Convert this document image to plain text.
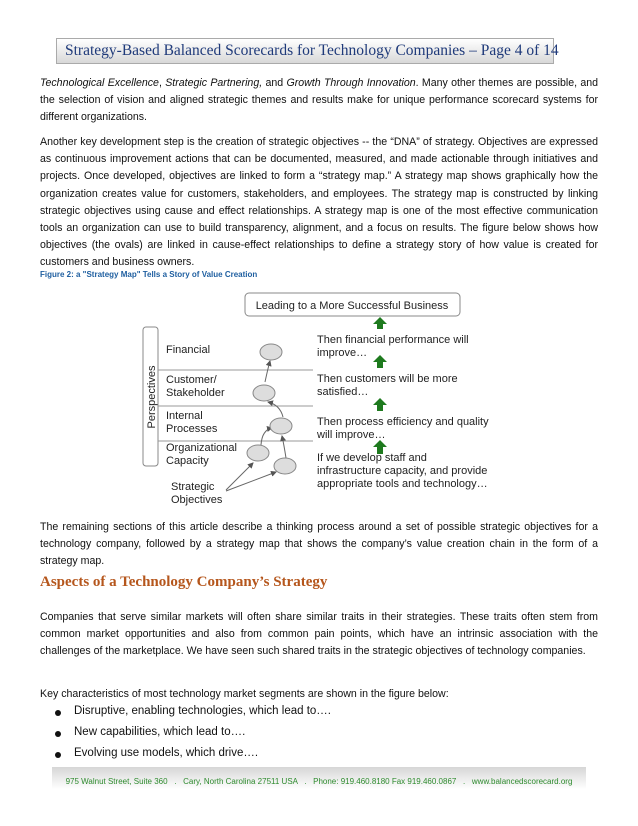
Strategy-Based Balanced Scorecards for Technology Companies – Page 4 of 14
Technological Excellence, Strategic Partnering, and Growth Through Innovation. Many other themes are possible, and the selection of vision and aligned strategic themes and results make for unique performance scorecard systems for different organizations.
Another key development step is the creation of strategic objectives -- the “DNA” of strategy. Objectives are expressed as continuous improvement actions that can be documented, measured, and made actionable through initiatives and projects. Once developed, objectives are linked to form a “strategy map.” A strategy map shows graphically how the organization creates value for customers, stakeholders, and employees. The strategy map is constructed by linking strategic objectives using cause and effect relationships. A strategy map is one of the most effective communication tools an organization can use to build transparency, alignment, and a focus on results. The figure below shows how objectives (the ovals) are linked in cause-effect relationships to define a strategy story of how value is created for customers and business owners.
Figure 2: a "Strategy Map" Tells a Story of Value Creation
Leading to a More Successful Business
Perspectives
Financial
Customer/
Stakeholder
Internal
Processes
Organizational
Capacity
Strategic
Objectives
Then financial performance will
improve…
Then customers will be more
satisfied…
Then process efficiency and quality
will improve…
If we develop staff and
infrastructure capacity, and provide
appropriate tools and technology…
The remaining sections of this article describe a thinking process around a set of possible strategic objectives for a technology company, followed by a strategy map that shows the company’s value creation chain in the form of a strategy map.
Aspects of a Technology Company’s Strategy
Companies that serve similar markets will often share similar traits in their strategies. These traits often stem from common market opportunities and also from common pain points, which have an intrinsic association with the challenges of the marketplace. We have seen such shared traits in the strategic objectives of technology companies.
Key characteristics of most technology market segments are shown in the figure below:
Disruptive, enabling technologies, which lead to….
New capabilities, which lead to….
Evolving use models, which drive….
975 Walnut Street, Suite 360   .   Cary, North Carolina 27511 USA   .   Phone: 919.460.8180 Fax 919.460.0867   .   www.balancedscorecard.org
